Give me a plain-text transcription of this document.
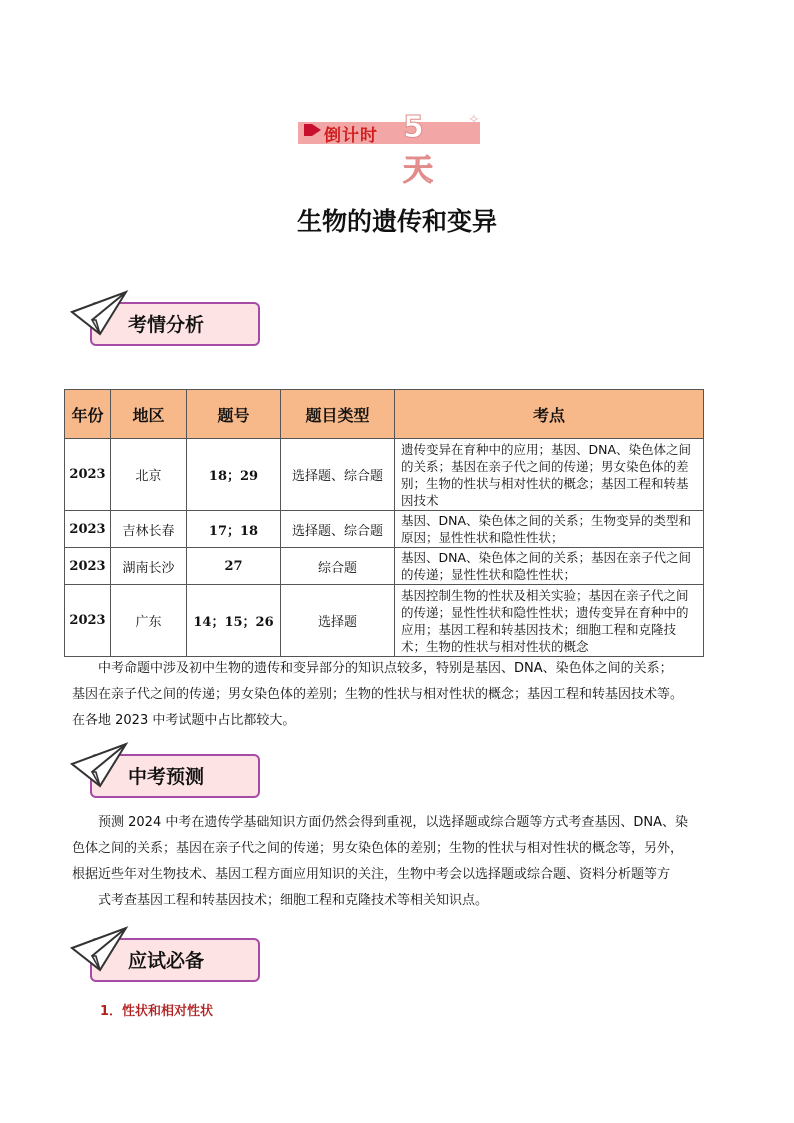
倒计时 5 天
✧
生物的遗传和变异
考情分析
年份	地区	题号	题目类型	考点
2023	北京	18；29	选择题、综合题	遗传变异在育种中的应用；基因、DNA、染色体之间的关系；基因在亲子代之间的传递；男女染色体的差别；生物的性状与相对性状的概念；基因工程和转基因技术
2023	吉林长春	17；18	选择题、综合题	基因、DNA、染色体之间的关系；生物变异的类型和原因；显性性状和隐性性状；
2023	湖南长沙	27	综合题	基因、DNA、染色体之间的关系；基因在亲子代之间的传递；显性性状和隐性性状；
2023	广东	14；15；26	选择题	基因控制生物的性状及相关实验；基因在亲子代之间的传递；显性性状和隐性性状；遗传变异在育种中的应用；基因工程和转基因技术；细胞工程和克隆技术；生物的性状与相对性状的概念

中考命题中涉及初中生物的遗传和变异部分的知识点较多，特别是基因、DNA、染色体之间的关系；

基因在亲子代之间的传递；男女染色体的差别；生物的性状与相对性状的概念；基因工程和转基因技术等。

在各地 2023 中考试题中占比都较大。

中考预测

预测 2024 中考在遗传学基础知识方面仍然会得到重视，以选择题或综合题等方式考查基因、DNA、染

色体之间的关系；基因在亲子代之间的传递；男女染色体的差别；生物的性状与相对性状的概念等，另外，

根据近些年对生物技术、基因工程方面应用知识的关注，生物中考会以选择题或综合题、资料分析题等方

式考查基因工程和转基因技术；细胞工程和克隆技术等相关知识点。

应试必备
1．性状和相对性状
